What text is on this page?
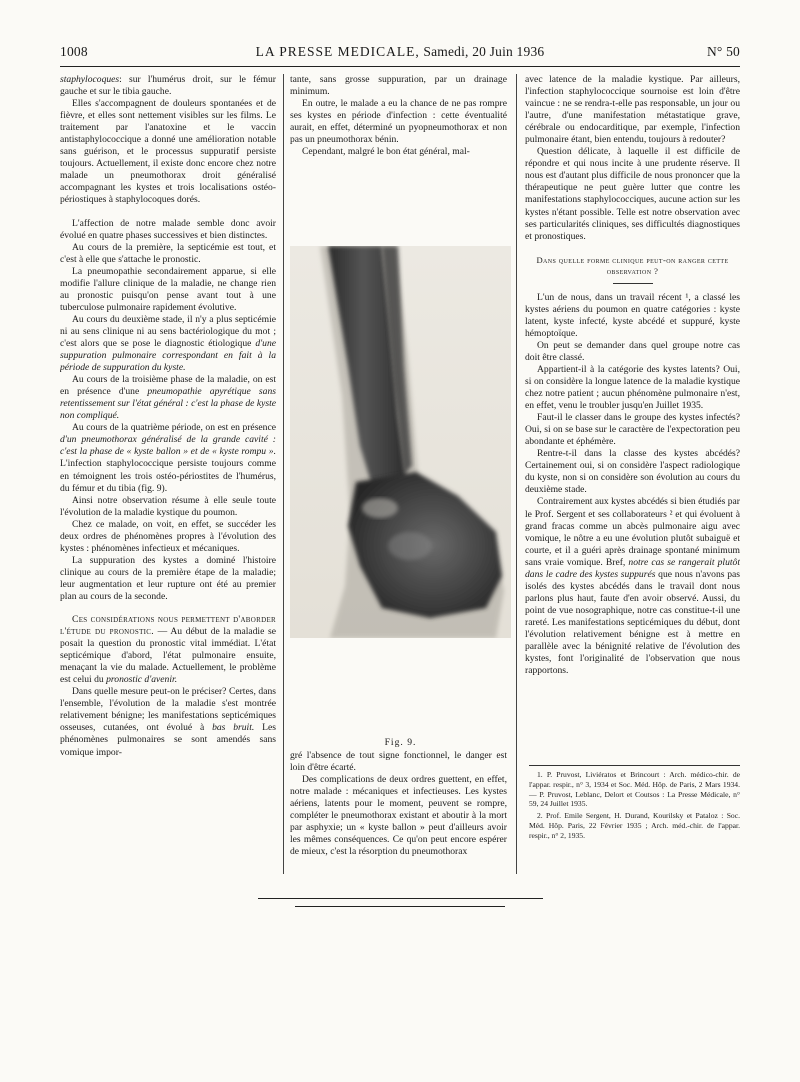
1008	LA PRESSE MEDICALE, Samedi, 20 Juin 1936	N° 50

staphylocoques: sur l'humérus droit, sur le fémur gauche et sur le tibia gauche.

Elles s'accompagnent de douleurs spontanées et de fièvre, et elles sont nettement visibles sur les films. Le traitement par l'anatoxine et le vaccin antistaphylococcique a donné une amélioration notable sans guérison, et le processus suppuratif persiste toujours. Actuellement, il existe donc encore chez notre malade un pneumothorax droit généralisé accompagnant les kystes et trois localisations ostéo-périostiques à staphylocoques dorés.

L'affection de notre malade semble donc avoir évolué en quatre phases successives et bien distinctes.

Au cours de la première, la septicémie est tout, et c'est à elle que s'attache le pronostic.

La pneumopathie secondairement apparue, si elle modifie l'allure clinique de la maladie, ne change rien au pronostic puisqu'on pense avant tout à une tuberculose pulmonaire rapidement évolutive.

Au cours du deuxième stade, il n'y a plus septicémie ni au sens clinique ni au sens bactériologique du mot ; c'est alors que se pose le diagnostic étiologique d'une suppuration pulmonaire correspondant en fait à la période de suppuration du kyste.

Au cours de la troisième phase de la maladie, on est en présence d'une pneumopathie apyrétique sans retentissement sur l'état général : c'est la phase de kyste non compliqué.

Au cours de la quatrième période, on est en présence d'un pneumothorax généralisé de la grande cavité : c'est la phase de « kyste ballon » et de « kyste rompu ». L'infection staphylococcique persiste toujours comme en témoignent les trois ostéo-périostites de l'humérus, du fémur et du tibia (fig. 9).

Ainsi notre observation résume à elle seule toute l'évolution de la maladie kystique du poumon.

Chez ce malade, on voit, en effet, se succéder les deux ordres de phénomènes propres à l'évolution des kystes : phénomènes infectieux et mécaniques.

La suppuration des kystes a dominé l'histoire clinique au cours de la première étape de la maladie; leur augmentation et leur rupture ont été au premier plan au cours de la seconde.

Ces considérations nous permettent d'aborder l'étude du pronostic. — Au début de la maladie se posait la question du pronostic vital immédiat. L'état septicémique d'abord, l'état pulmonaire ensuite, menaçant la vie du malade. Actuellement, le problème est celui du pronostic d'avenir.

Dans quelle mesure peut-on le préciser? Certes, dans l'ensemble, l'évolution de la maladie s'est montrée relativement bénigne; les manifestations septicémiques osseuses, cutanées, ont évolué à bas bruit. Les phénomènes pulmonaires se sont amendés sans vomique impor-

tante, sans grosse suppuration, par un drainage minimum.

En outre, le malade a eu la chance de ne pas rompre ses kystes en période d'infection : cette éventualité aurait, en effet, déterminé un pyopneumothorax et non pas un pneumothorax bénin.

Cependant, malgré le bon état général, mal-

Fig. 9.

gré l'absence de tout signe fonctionnel, le danger est loin d'être écarté.

Des complications de deux ordres guettent, en effet, notre malade : mécaniques et infectieuses. Les kystes aériens, latents pour le moment, peuvent se rompre, compléter le pneumothorax existant et aboutir à la mort par asphyxie; un « kyste ballon » peut d'ailleurs avoir les mêmes conséquences. Ce qu'on peut encore espérer de mieux, c'est la résorption du pneumothorax

avec latence de la maladie kystique. Par ailleurs, l'infection staphylococcique sournoise est loin d'être vaincue : ne se rendra-t-elle pas responsable, un jour ou l'autre, d'une manifestation métastatique grave, cérébrale ou endocarditique, par exemple, l'infection pulmonaire étant, bien entendu, toujours à redouter?

Question délicate, à laquelle il est difficile de répondre et qui nous incite à une prudente réserve. Il nous est d'autant plus difficile de nous prononcer que la thérapeutique ne peut guère lutter que contre les manifestations staphylococciques, aucune action sur les kystes n'étant possible. Telle est notre observation avec ses particularités cliniques, ses difficultés diagnostiques et pronostiques.

Dans quelle forme clinique peut-on ranger cette observation ?

L'un de nous, dans un travail récent ¹, a classé les kystes aériens du poumon en quatre catégories : kyste latent, kyste infecté, kyste abcédé et suppuré, kyste hémoptoïque.

On peut se demander dans quel groupe notre cas doit être classé.

Appartient-il à la catégorie des kystes latents? Oui, si on considère la longue latence de la maladie kystique chez notre patient ; aucun phénomène pulmonaire n'est, en effet, venu le troubler jusqu'en Juillet 1935.

Faut-il le classer dans le groupe des kystes infectés? Oui, si on se base sur le caractère de l'expectoration peu abondante et éphémère.

Rentre-t-il dans la classe des kystes abcédés? Certainement oui, si on considère l'aspect radiologique du kyste, non si on considère son évolution au cours du deuxième stade.

Contrairement aux kystes abcédés si bien étudiés par le Prof. Sergent et ses collaborateurs ² et qui évoluent à grand fracas comme un abcès pulmonaire aigu avec vomique, le nôtre a eu une évolution plutôt subaiguë et courte, et il a guéri après drainage spontané minimum sans vraie vomique. Bref, notre cas se rangerait plutôt dans le cadre des kystes suppurés que nous n'avons pas isolés des kystes abcédés dans le travail dont nous parlons plus haut, faute d'en avoir observé. Aussi, du point de vue nosographique, notre cas constitue-t-il une rareté. Les manifestations septicémiques du début, dont l'évolution relativement bénigne est à mettre en parallèle avec la bénignité relative de l'évolution des kystes, font l'originalité de l'observation que nous rapportons.

1. P. Pruvost, Liviératos et Brincourt : Arch. médico-chir. de l'appar. respir., n° 3, 1934 et Soc. Méd. Hôp. de Paris, 2 Mars 1934. — P. Pruvost, Leblanc, Delort et Coutsos : La Presse Médicale, n° 59, 24 Juillet 1935.

2. Prof. Emile Sergent, H. Durand, Kourilsky et Pataloz : Soc. Méd. Hôp. Paris, 22 Février 1935 ; Arch. méd.-chir. de l'appar. respir., n° 2, 1935.
